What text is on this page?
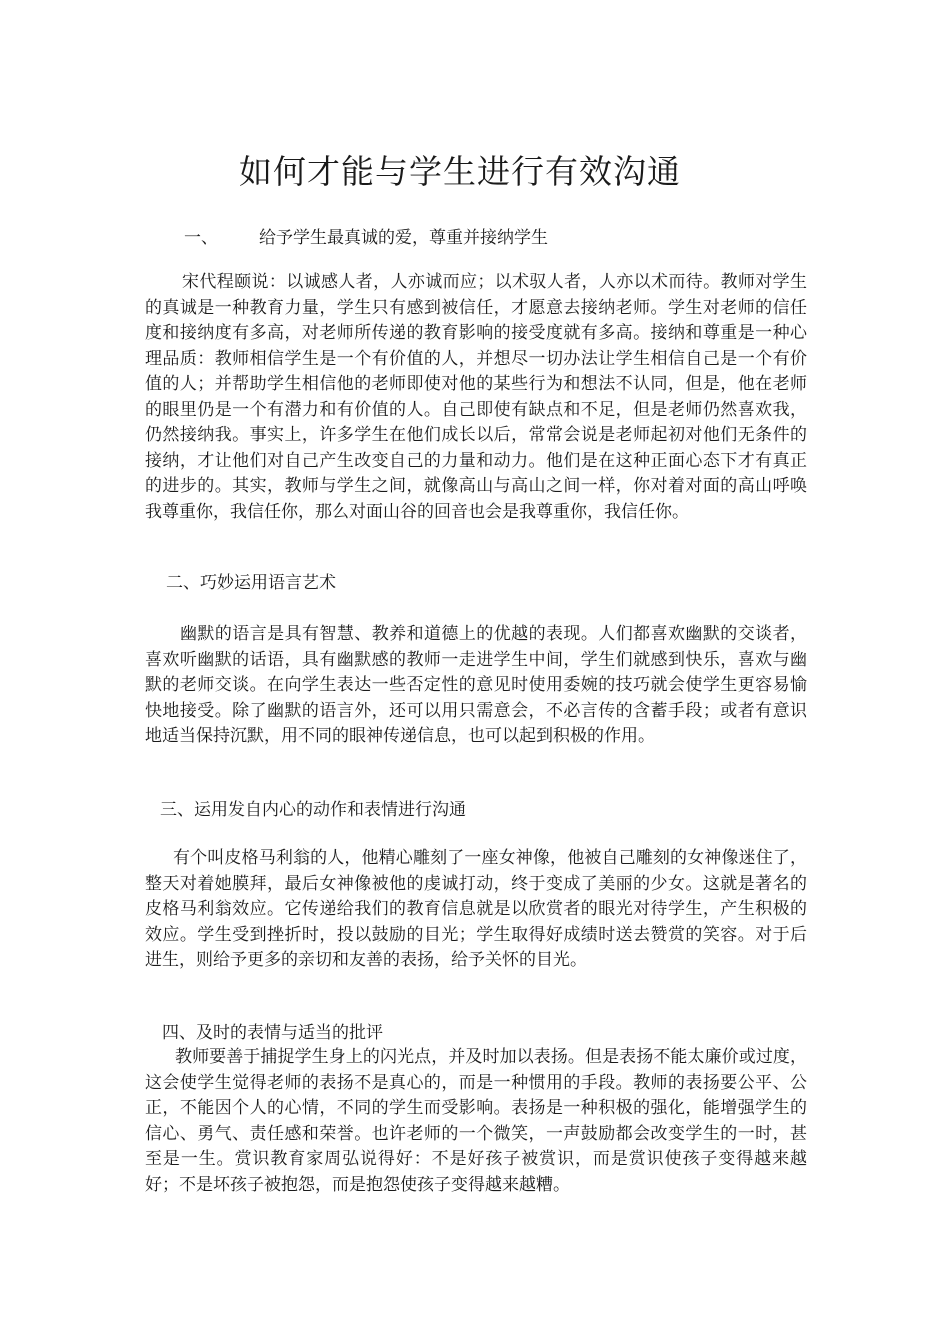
如何才能与学生进行有效沟通
一、 给予学生最真诚的爱，尊重并接纳学生

宋代程颐说：以诚感人者，人亦诚而应；以术驭人者，人亦以术而待。教师对学生的真诚是一种教育力量，学生只有感到被信任，才愿意去接纳老师。学生对老师的信任度和接纳度有多高，对老师所传递的教育影响的接受度就有多高。接纳和尊重是一种心理品质：教师相信学生是一个有价值的人，并想尽一切办法让学生相信自己是一个有价值的人；并帮助学生相信他的老师即使对他的某些行为和想法不认同，但是，他在老师的眼里仍是一个有潜力和有价值的人。自己即使有缺点和不足，但是老师仍然喜欢我，仍然接纳我。事实上，许多学生在他们成长以后，常常会说是老师起初对他们无条件的接纳，才让他们对自己产生改变自己的力量和动力。他们是在这种正面心态下才有真正的进步的。其实，教师与学生之间，就像高山与高山之间一样，你对着对面的高山呼唤我尊重你，我信任你，那么对面山谷的回音也会是我尊重你，我信任你。

二、巧妙运用语言艺术

幽默的语言是具有智慧、教养和道德上的优越的表现。人们都喜欢幽默的交谈者，喜欢听幽默的话语，具有幽默感的教师一走进学生中间，学生们就感到快乐，喜欢与幽默的老师交谈。在向学生表达一些否定性的意见时使用委婉的技巧就会使学生更容易愉快地接受。除了幽默的语言外，还可以用只需意会，不必言传的含蓄手段；或者有意识地适当保持沉默，用不同的眼神传递信息，也可以起到积极的作用。

三、运用发自内心的动作和表情进行沟通

有个叫皮格马利翁的人，他精心雕刻了一座女神像，他被自己雕刻的女神像迷住了，整天对着她膜拜，最后女神像被他的虔诚打动，终于变成了美丽的少女。这就是著名的皮格马利翁效应。它传递给我们的教育信息就是以欣赏者的眼光对待学生，产生积极的效应。学生受到挫折时，投以鼓励的目光；学生取得好成绩时送去赞赏的笑容。对于后进生，则给予更多的亲切和友善的表扬，给予关怀的目光。

四、及时的表情与适当的批评

教师要善于捕捉学生身上的闪光点，并及时加以表扬。但是表扬不能太廉价或过度，这会使学生觉得老师的表扬不是真心的，而是一种惯用的手段。教师的表扬要公平、公正，不能因个人的心情，不同的学生而受影响。表扬是一种积极的强化，能增强学生的信心、勇气、责任感和荣誉。也许老师的一个微笑，一声鼓励都会改变学生的一时，甚至是一生。赏识教育家周弘说得好：不是好孩子被赏识，而是赏识使孩子变得越来越好；不是坏孩子被抱怨，而是抱怨使孩子变得越来越糟。
